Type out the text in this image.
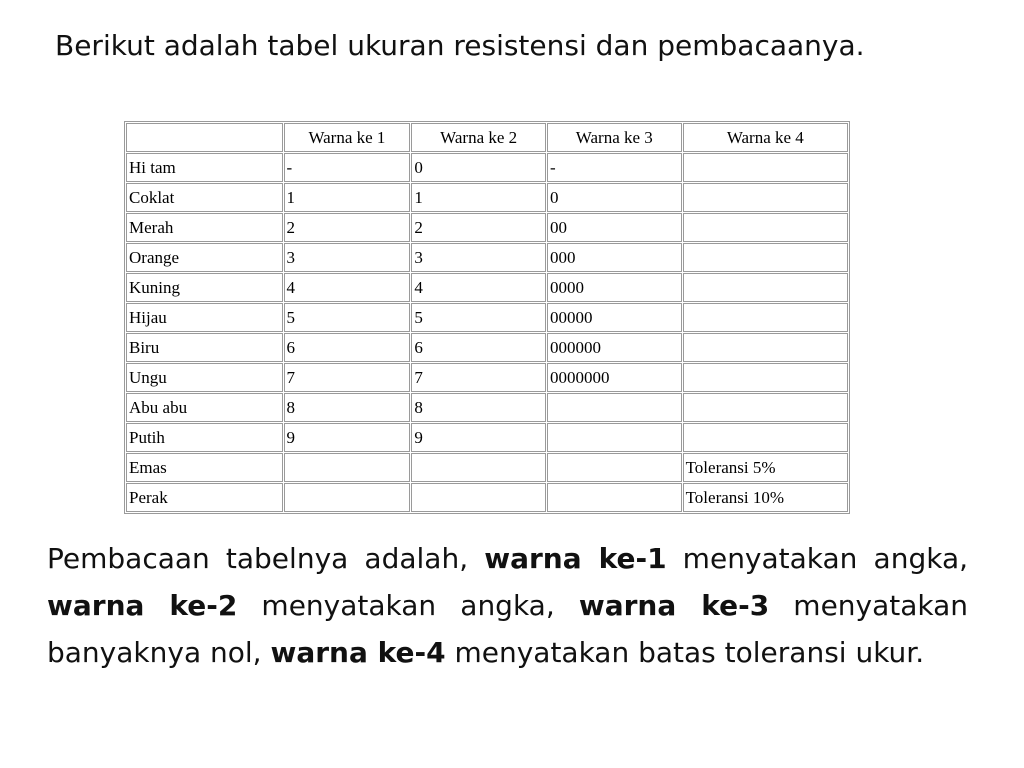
Berikut adalah tabel ukuran resistensi dan pembacaanya.

	Warna ke 1	Warna ke 2	Warna ke 3	Warna ke 4
Hi tam	-	0	-	
Coklat	1	1	0	
Merah	2	2	00	
Orange	3	3	000	
Kuning	4	4	0000	
Hijau	5	5	00000	
Biru	6	6	000000	
Ungu	7	7	0000000	
Abu abu	8	8		
Putih	9	9		
Emas				Toleransi 5%
Perak				Toleransi 10%

Pembacaan tabelnya adalah, warna ke-1 menyatakan angka, warna ke-2 menyatakan angka, warna ke-3 menyatakan banyaknya nol, warna ke-4 menyatakan batas toleransi ukur.
